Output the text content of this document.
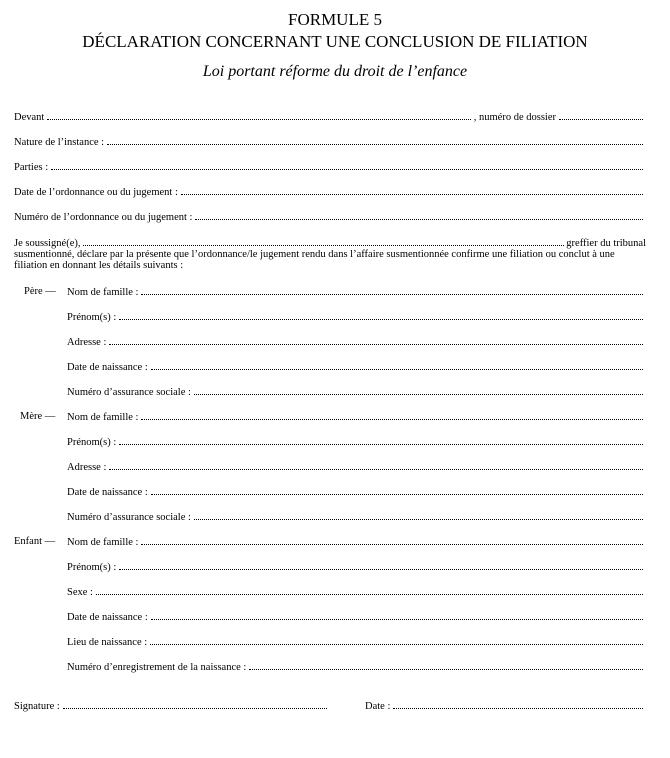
FORMULE 5
DÉCLARATION CONCERNANT UNE CONCLUSION DE FILIATION
Loi portant réforme du droit de l’enfance
Devant	, numéro de dossier
Nature de l’instance :
Parties :
Date de l’ordonnance ou du jugement :
Numéro de l’ordonnance ou du jugement :
Je soussigné(e),	greffier du tribunal
susmentionné, déclare par la présente que l’ordonnance/le jugement rendu dans l’affaire susmentionnée confirme une filiation ou conclut à une filiation en donnant les détails suivants :
Père — Nom de famille :
Prénom(s) :
Adresse :
Date de naissance :
Numéro d’assurance sociale :
Mère — Nom de famille :
Prénom(s) :
Adresse :
Date de naissance :
Numéro d’assurance sociale :
Enfant — Nom de famille :
Prénom(s) :
Sexe :
Date de naissance :
Lieu de naissance :
Numéro d’enregistrement de la naissance :
Signature :	Date :
